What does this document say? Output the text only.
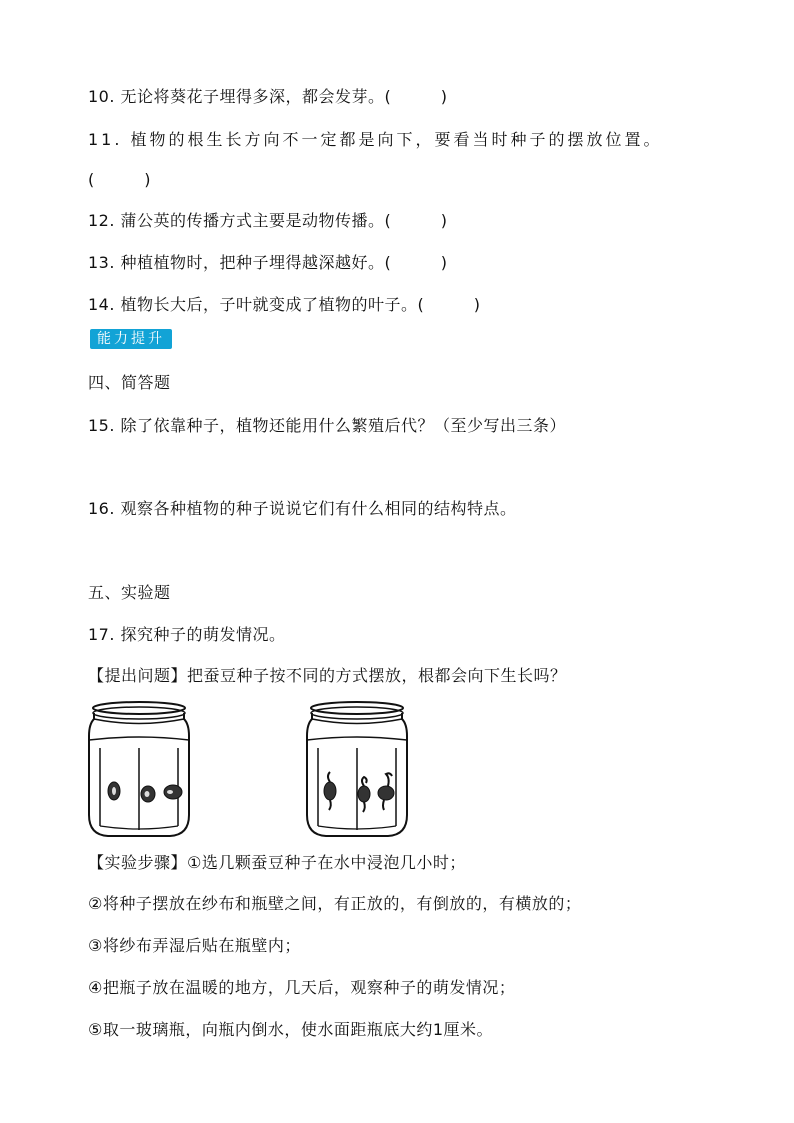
10. 无论将葵花子埋得多深，都会发芽。(　　　)
11. 植物的根生长方向不一定都是向下，要看当时种子的摆放位置。
(　　　)
12. 蒲公英的传播方式主要是动物传播。(　　　)
13. 种植植物时，把种子埋得越深越好。(　　　)
14. 植物长大后，子叶就变成了植物的叶子。(　　　)
能力提升
四、简答题
15. 除了依靠种子，植物还能用什么繁殖后代？（至少写出三条）
16. 观察各种植物的种子说说它们有什么相同的结构特点。
五、实验题
17. 探究种子的萌发情况。
【提出问题】把蚕豆种子按不同的方式摆放，根都会向下生长吗？
【实验步骤】①选几颗蚕豆种子在水中浸泡几小时；
②将种子摆放在纱布和瓶壁之间，有正放的，有倒放的，有横放的；
③将纱布弄湿后贴在瓶壁内；
④把瓶子放在温暖的地方，几天后，观察种子的萌发情况；
⑤取一玻璃瓶，向瓶内倒水，使水面距瓶底大约1厘米。
